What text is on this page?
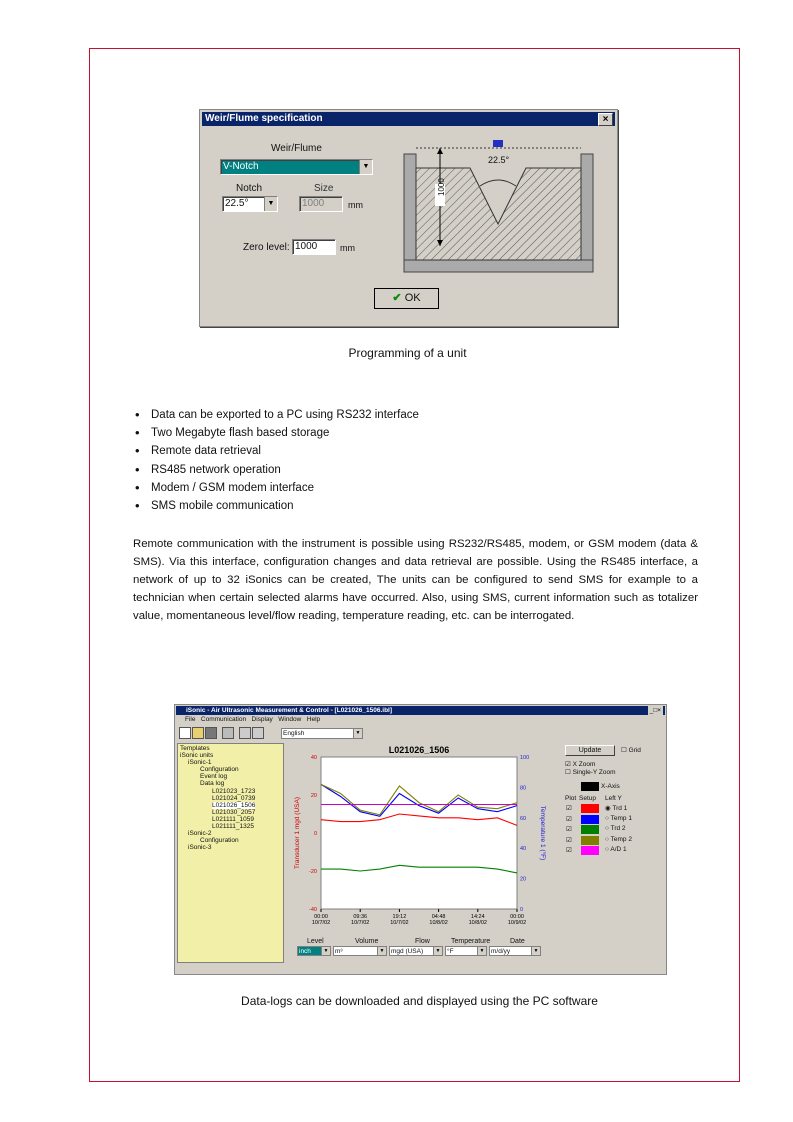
Weir/Flume specification	×
Weir/Flume
V-Notch	▼
Notch	Size
22.5°	▼	1000	mm
Zero level: 1000	mm
22.5°
1000
✔ OK
Programming of a unit
• Data can be exported to a PC using RS232 interface
• Two Megabyte flash based storage
• Remote data retrieval
• RS485 network operation
• Modem / GSM modem interface
• SMS mobile communication
Remote communication with the instrument is possible using RS232/RS485, modem, or GSM modem (data & SMS). Via this interface, configuration changes and data retrieval are possible. Using the RS485 interface, a network of up to 32 iSonics can be created, The units can be configured to send SMS for example to a technician when certain selected alarms have occurred. Also, using SMS, current information such as totalizer value, momentaneous level/flow reading, temperature reading, etc. can be interrogated.
iSonic - Air Ultrasonic Measurement & Control - [L021026_1506.ibl]	_□×
File Communication Display Window Help
English	▼
Templates
iSonic units
iSonic-1
Configuration
Event log
Data log
L021023_1723
L021024_0739
L021026_1506
L021030_2057
L021111_1059
L021111_1325
iSonic-2
Configuration
iSonic-3
L021026_1506
40
20
0
-20
-40
100
80
60
40
20
0
00:00
10/7/02
09:36
10/7/02
19:12
10/7/02
04:48
10/8/02
14:24
10/8/02
00:00
10/9/02
Transducer 1 mgd (USA)	Temperature 1 (°F)
Update	☐ Grid
☑ X Zoom
☐ Single-Y Zoom
X-Axis
Plot Setup Left Y
☑	◉ Trd 1
☑	○ Temp 1
☑	○ Trd 2
☑	○ Temp 2
☑	○ A/D 1
Level	Volume	Flow	Temperature	Date
inch	▼	m³	▼	mgd (USA)	▼	°F	▼	m/d/yy	▼
Data-logs can be downloaded and displayed using the PC software
